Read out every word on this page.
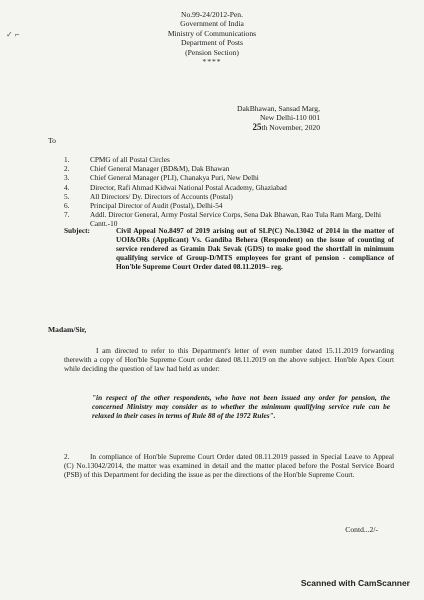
✓ ⌐
No.99-24/2012-Pen.
Government of India
Ministry of Communications
Department of Posts
(Pension Section)
****
DakBhawan, Sansad Marg,
New Delhi-110 001
25th November, 2020
To
1.	CPMG of all Postal Circles
2.	Chief General Manager (BD&M), Dak Bhawan
3.	Chief General Manager (PLI), Chanakya Puri, New Delhi
4.	Director, Rafi Ahmad Kidwai National Postal Academy, Ghaziabad
5.	All Directors/ Dy. Directors of Accounts (Postal)
6.	Principal Director of Audit (Postal), Delhi-54
7.	Addl. Director General, Army Postal Service Corps, Sena Dak Bhawan, Rao Tula Ram Marg, Delhi Cantt.-10
Subject:	Civil Appeal No.8497 of 2019 arising out of SLP(C) No.13042 of 2014 in the matter of UOI&ORs (Applicant) Vs. Gandiba Behera (Respondent) on the issue of counting of service rendered as Gramin Dak Sevak (GDS) to make good the shortfall in minimum qualifying service of Group-D/MTS employees for grant of pension - compliance of Hon'ble Supreme Court Order dated 08.11.2019– reg.
Madam/Sir,
I am directed to refer to this Department's letter of even number dated 15.11.2019 forwarding therewith a copy of Hon'ble Supreme Court order dated 08.11.2019 on the above subject. Hon'ble Apex Court while deciding the question of law had held as under:
"in respect of the other respondents, who have not been issued any order for pension, the concerned Ministry may consider as to whether the minimum qualifying service rule can be relaxed in their cases in terms of Rule 88 of the 1972 Rules".
2.	In compliance of Hon'ble Supreme Court Order dated 08.11.2019 passed in Special Leave to Appeal (C) No.13042/2014, the matter was examined in detail and the matter placed before the Postal Service Board (PSB) of this Department for deciding the issue as per the directions of the Hon'ble Supreme Court.
Contd...2/-
Scanned with CamScanner
